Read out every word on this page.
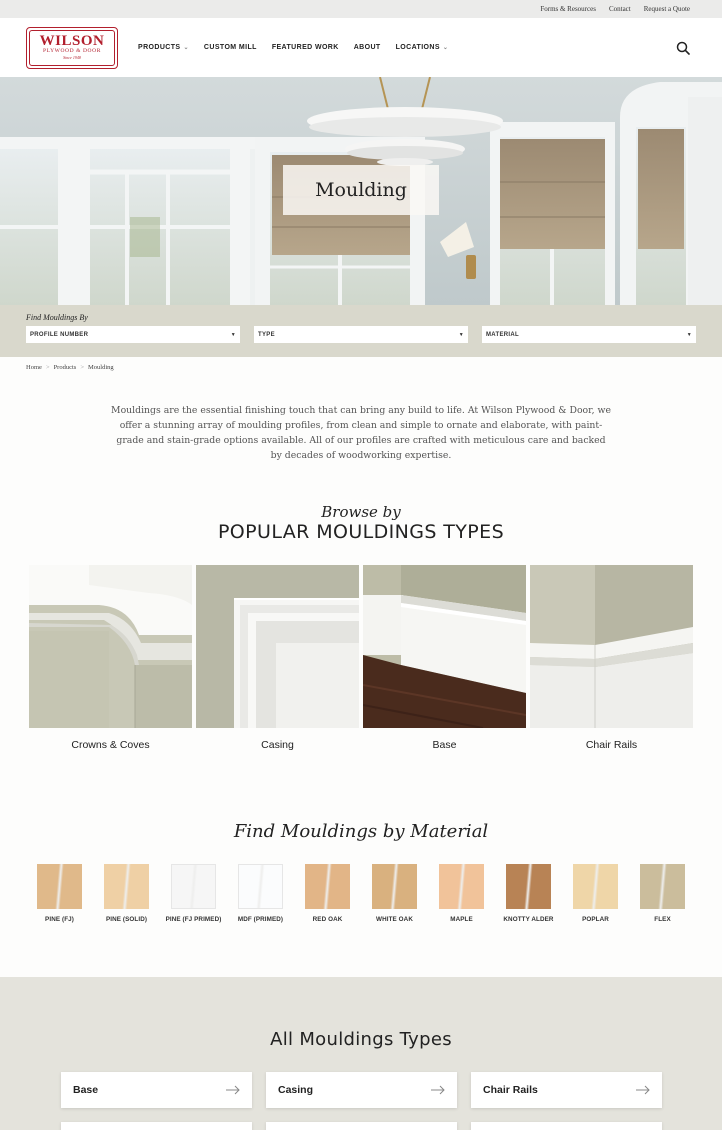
Forms & Resources Contact Request a Quote
WILSON
PLYWOOD & DOOR
Since 1948
PRODUCTS ⌄ CUSTOM MILL FEATURED WORK ABOUT LOCATIONS ⌄
Moulding
Find Mouldings By
PROFILE NUMBER	▼	TYPE	▼	MATERIAL	▼
Home > Products > Moulding

Mouldings are the essential finishing touch that can bring any build to life. At Wilson Plywood & Door, we offer a stunning array of moulding profiles, from clean and simple to ornate and elaborate, with paint-grade and stain-grade options available. All of our profiles are crafted with meticulous care and backed by decades of woodworking expertise.

Browse by
POPULAR MOULDINGS TYPES
Crowns & Coves	Casing	Base	Chair Rails
Find Mouldings by Material
PINE (FJ)	PINE (SOLID)	PINE (FJ PRIMED)	MDF (PRIMED)	RED OAK	WHITE OAK	MAPLE	KNOTTY ALDER	POPLAR	FLEX
All Mouldings Types
Base	Casing	Chair Rails
